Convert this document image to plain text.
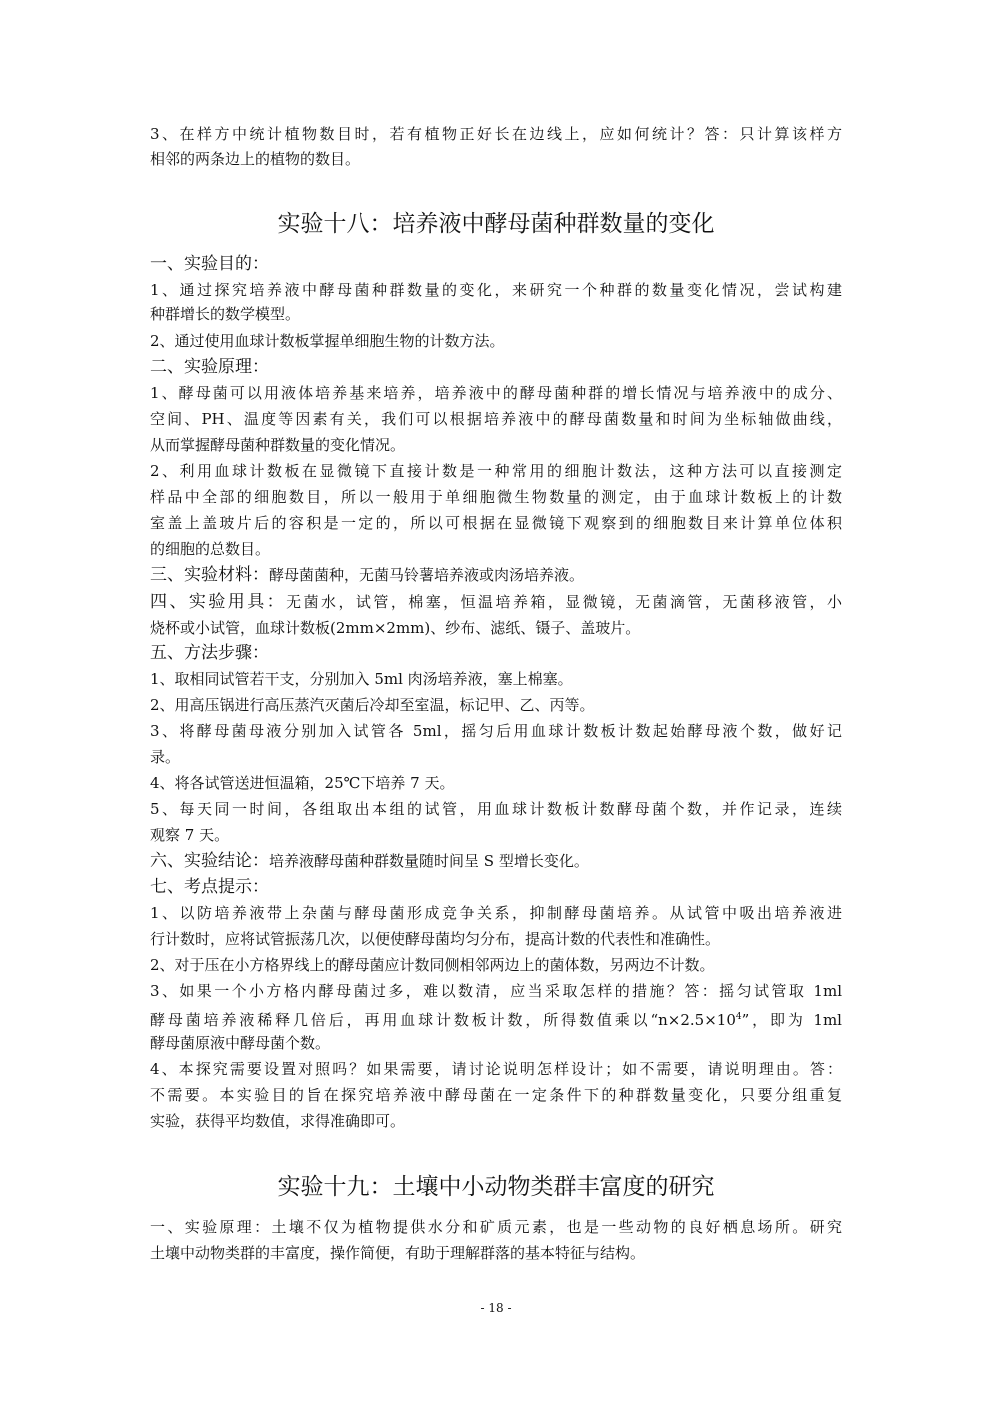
3、在样方中统计植物数目时，若有植物正好长在边线上，应如何统计？答：只计算该样方
相邻的两条边上的植物的数目。
实验十八：培养液中酵母菌种群数量的变化
一、实验目的：
1、通过探究培养液中酵母菌种群数量的变化，来研究一个种群的数量变化情况，尝试构建
种群增长的数学模型。
2、通过使用血球计数板掌握单细胞生物的计数方法。
二、实验原理：
1、酵母菌可以用液体培养基来培养，培养液中的酵母菌种群的增长情况与培养液中的成分、
空间、PH、温度等因素有关，我们可以根据培养液中的酵母菌数量和时间为坐标轴做曲线，
从而掌握酵母菌种群数量的变化情况。
2、利用血球计数板在显微镜下直接计数是一种常用的细胞计数法，这种方法可以直接测定
样品中全部的细胞数目，所以一般用于单细胞微生物数量的测定，由于血球计数板上的计数
室盖上盖玻片后的容积是一定的，所以可根据在显微镜下观察到的细胞数目来计算单位体积
的细胞的总数目。
三、实验材料：酵母菌菌种，无菌马铃薯培养液或肉汤培养液。
四、实验用具：无菌水，试管，棉塞，恒温培养箱，显微镜，无菌滴管，无菌移液管，小
烧杯或小试管，血球计数板(2mm×2mm)、纱布、滤纸、镊子、盖玻片。
五、方法步骤：
1、取相同试管若干支，分别加入 5ml 肉汤培养液，塞上棉塞。
2、用高压锅进行高压蒸汽灭菌后冷却至室温，标记甲、乙、丙等。
3、将酵母菌母液分别加入试管各 5ml，摇匀后用血球计数板计数起始酵母液个数，做好记
录。
4、将各试管送进恒温箱，25℃下培养 7 天。
5、每天同一时间，各组取出本组的试管，用血球计数板计数酵母菌个数，并作记录，连续
观察 7 天。
六、实验结论：培养液酵母菌种群数量随时间呈 S 型增长变化。
七、考点提示：
1、以防培养液带上杂菌与酵母菌形成竞争关系，抑制酵母菌培养。从试管中吸出培养液进
行计数时，应将试管振荡几次，以便使酵母菌均匀分布，提高计数的代表性和准确性。
2、对于压在小方格界线上的酵母菌应计数同侧相邻两边上的菌体数，另两边不计数。
3、如果一个小方格内酵母菌过多，难以数清，应当采取怎样的措施？答：摇匀试管取 1ml
酵母菌培养液稀释几倍后，再用血球计数板计数，所得数值乘以“$n\times 2.5\times 10^4$”，即为 1ml
酵母菌原液中酵母菌个数。
4、本探究需要设置对照吗？如果需要，请讨论说明怎样设计；如不需要，请说明理由。答：
不需要。本实验目的旨在探究培养液中酵母菌在一定条件下的种群数量变化，只要分组重复
实验，获得平均数值，求得准确即可。
实验十九：土壤中小动物类群丰富度的研究
一、实验原理：土壤不仅为植物提供水分和矿质元素，也是一些动物的良好栖息场所。研究
土壤中动物类群的丰富度，操作简便，有助于理解群落的基本特征与结构。
- 18 -
